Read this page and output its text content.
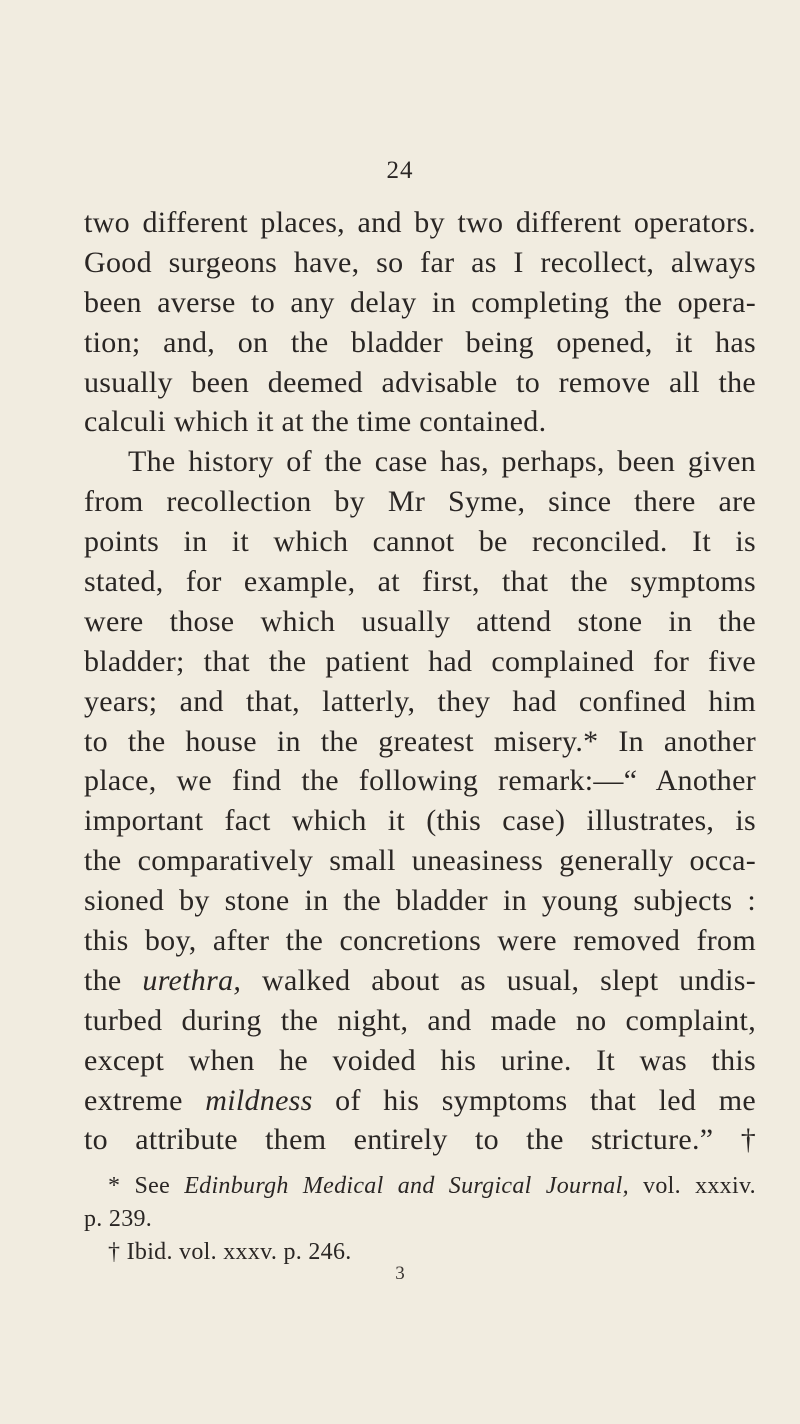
24
two different places, and by two different operators.
Good surgeons have, so far as I recollect, always
been averse to any delay in completing the opera-
tion; and, on the bladder being opened, it has
usually been deemed advisable to remove all the
calculi which it at the time contained.
The history of the case has, perhaps, been given
from recollection by Mr Syme, since there are
points in it which cannot be reconciled. It is
stated, for example, at first, that the symptoms
were those which usually attend stone in the
bladder; that the patient had complained for five
years; and that, latterly, they had confined him
to the house in the greatest misery.* In another
place, we find the following remark:—“ Another
important fact which it (this case) illustrates, is
the comparatively small uneasiness generally occa-
sioned by stone in the bladder in young subjects :
this boy, after the concretions were removed from
the urethra, walked about as usual, slept undis-
turbed during the night, and made no complaint,
except when he voided his urine. It was this
extreme mildness of his symptoms that led me
to attribute them entirely to the stricture.” †
* See Edinburgh Medical and Surgical Journal, vol. xxxiv.
p. 239.
† Ibid. vol. xxxv. p. 246.
3
